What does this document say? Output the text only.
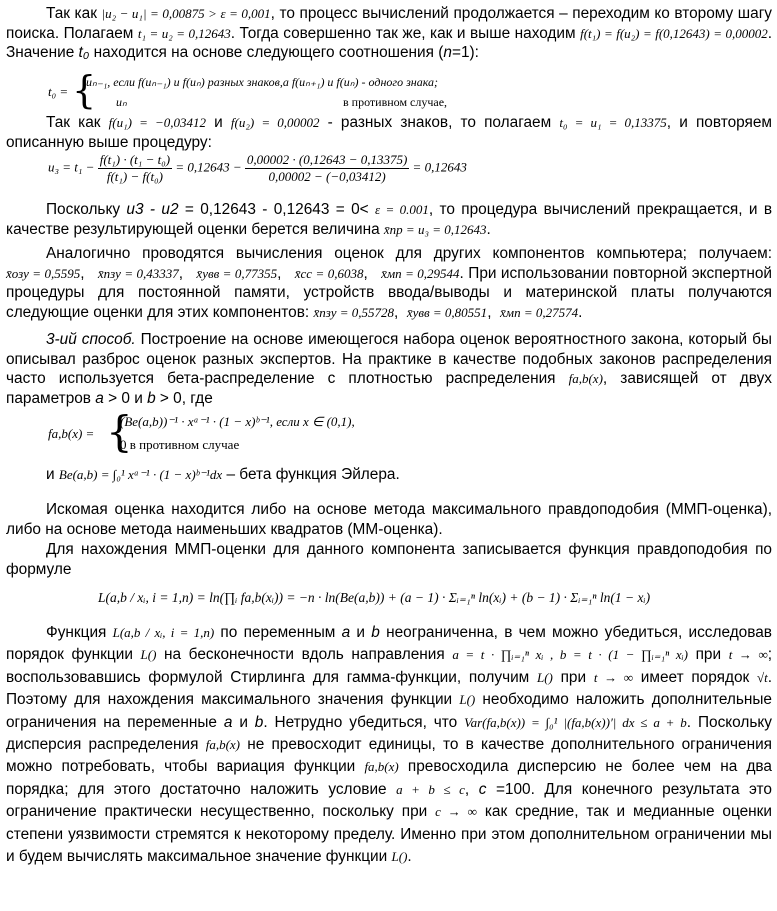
Так как |u₂ − u₁| = 0,00875 > ε = 0,001, то процесс вычислений продолжается – переходим ко второму шагу поиска. Полагаем t₁ = u₂ = 0,12643. Тогда совершенно так же, как и выше находим f(t₁) = f(u₂) = f(0,12643) = 0,00002. Значение t₀ находится на основе следующего соотношения (n=1):

t₀ = {
uₙ₋₁, если f(uₙ₋₁) и f(uₙ) разных знаков,а f(uₙ₊₁) и f(uₙ) - одного знака;
uₙ	в противном случае,

Так как f(u₁) = −0,03412 и f(u₂) = 0,00002 - разных знаков, то полагаем t₀ = u₁ = 0,13375, и повторяем описанную выше процедуру:

$u_3 = t_1 - \frac{\text{f(t₁) · (t₁ − t₀)}}{\text{f(t₁) − f(t₀)}} = 0,12643 - \frac{0,00002 \cdot (0,12643 - 0,13375)}{0,00002 - (-0,03412)} = 0,12643$

Поскольку u3 - u2 = 0,12643 - 0,12643 = 0< ε = 0.001, то процедура вычислений прекращается, и в качестве результирующей оценки берется величина x̄пр = u₃ = 0,12643.

Аналогично проводятся вычисления оценок для других компонентов компьютера; получаем: x̄озу = 0,5595,   x̄пзу = 0,43337,   x̄увв = 0,77355,   x̄сс = 0,6038,   x̄мп = 0,29544. При использовании повторной экспертной процедуры для постоянной памяти, устройств ввода/выводы и материнской платы получаются следующие оценки для этих компонентов: x̄пзу = 0,55728,  x̄увв = 0,80551,  x̄мп = 0,27574.

3-ий способ. Построение на основе имеющегося набора оценок вероятностного закона, который бы описывал разброс оценок разных экспертов. На практике в качестве подобных законов распределения часто используется бета-распределение с плотностью распределения fa,b(x), зависящей от двух параметров a > 0 и b > 0, где

fa,b(x) = {
(Be(a,b))⁻¹ · xᵃ⁻¹ · (1 − x)ᵇ⁻¹, если x ∈ (0,1),
0 в противном случае

и Be(a,b) = ∫₀¹ xᵃ⁻¹ · (1 − x)ᵇ⁻¹dx – бета функция Эйлера.

Искомая оценка находится либо на основе метода максимального правдоподобия (ММП-оценка), либо на основе метода наименьших квадратов (ММ-оценка).

Для нахождения ММП-оценки для данного компонента записывается функция правдоподобия по формуле

L(a,b / xᵢ, i = 1,n) = ln(∏ᵢ fa,b(xᵢ)) = −n · ln(Be(a,b)) + (a − 1) · Σᵢ₌₁ⁿ ln(xᵢ) + (b − 1) · Σᵢ₌₁ⁿ ln(1 − xᵢ)

Функция L(a,b / xᵢ, i = 1,n) по переменным a и b неограниченна, в чем можно убедиться, исследовав порядок функции L() на бесконечности вдоль направления a = t · ∏ᵢ₌₁ⁿ xᵢ , b = t · (1 − ∏ᵢ₌₁ⁿ xᵢ) при t → ∞; воспользовавшись формулой Стирлинга для гамма-функции, получим L() при t → ∞ имеет порядок √t. Поэтому для нахождения максимального значения функции L() необходимо наложить дополнительные ограничения на переменные a и b. Нетрудно убедиться, что Var(fa,b(x)) = ∫₀¹ |(fa,b(x))′| dx ≤ a + b. Поскольку дисперсия распределения fa,b(x) не превосходит единицы, то в качестве дополнительного ограничения можно потребовать, чтобы вариация функции fa,b(x) превосходила дисперсию не более чем на два порядка; для этого достаточно наложить условие a + b ≤ c, c =100. Для конечного результата это ограничение практически несущественно, поскольку при c → ∞ как средние, так и медианные оценки степени уязвимости стремятся к некоторому пределу. Именно при этом дополнительном ограничении мы и будем вычислять максимальное значение функции L().
